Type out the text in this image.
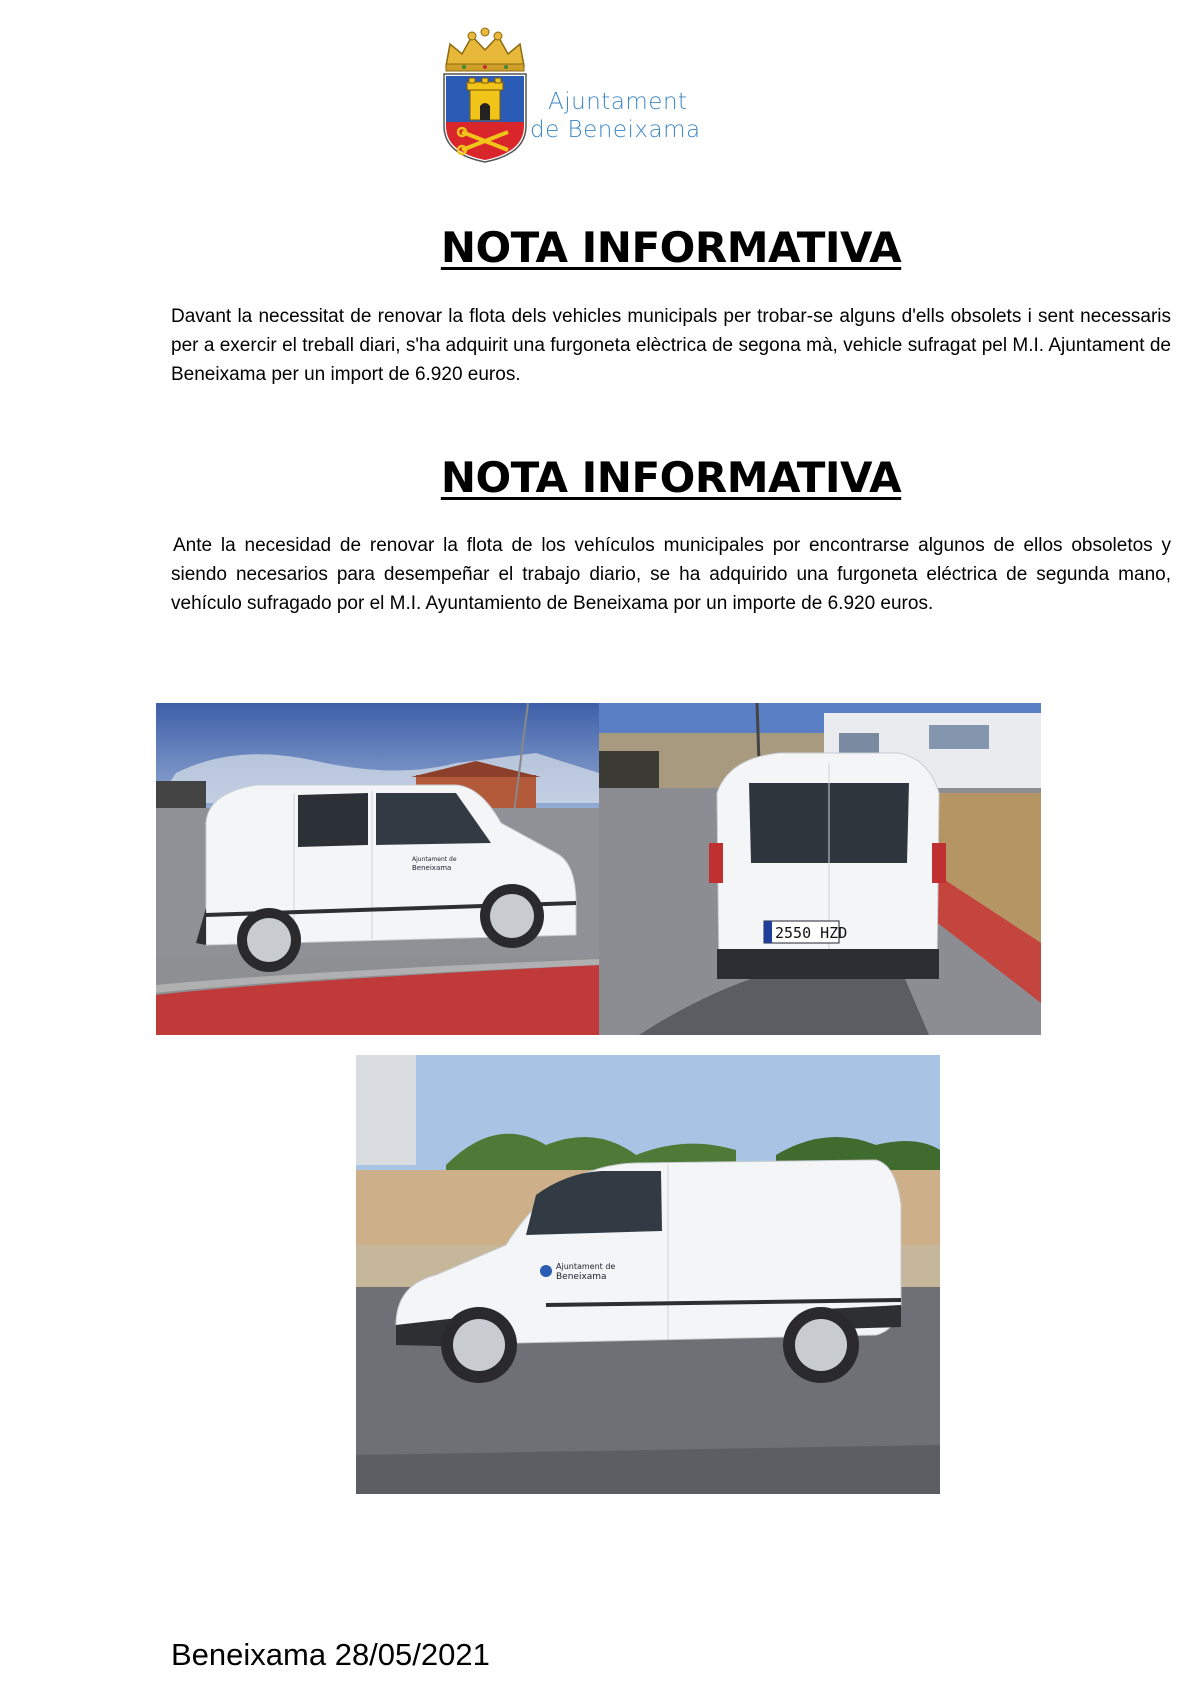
Ajuntament
de Beneixama
NOTA INFORMATIVA
Davant la necessitat de renovar la flota dels vehicles municipals per trobar-se alguns d'ells obsolets i sent necessaris per a exercir el treball diari, s'ha adquirit una furgoneta elèctrica de segona mà, vehicle sufragat pel M.I. Ajuntament de Beneixama per un import de 6.920 euros.
NOTA INFORMATIVA
Ante la necesidad de renovar la flota de los vehículos municipales por encontrarse algunos de ellos obsoletos y siendo necesarios para desempeñar el trabajo diario, se ha adquirido una furgoneta eléctrica de segunda mano, vehículo sufragado por el M.I. Ayuntamiento de Beneixama por un importe de 6.920 euros.
Ajuntament de
Beneixama
2550 HZD
Ajuntament de
Beneixama
Beneixama 28/05/2021
